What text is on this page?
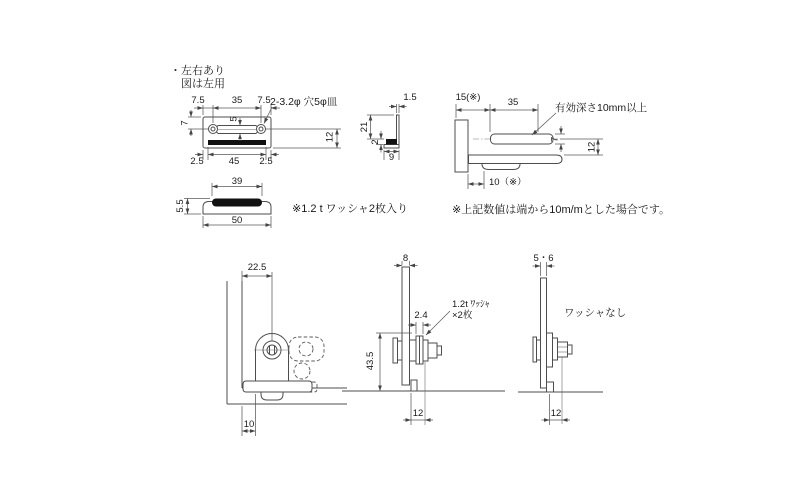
・左右あり
図は左用
7.5	35 7.5 2-3.2φ 穴5φ皿
7
5
12
2.5	45 2.5
39
5.5
50
※1.2 t ワッシャ2枚入り
1.5
21
2
9
15(※)	35	有効深さ10mm以上
7
12
10（※）
※上記数値は端から10m/mとした場合です。
22.5
10
8
2.4
1.2t ﾜｯｼｬ
×2枚
43.5
12
5・6
ワッシャなし
12
